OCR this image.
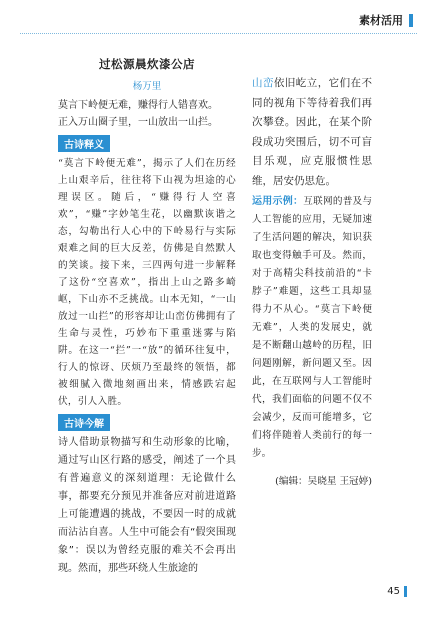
素材活用

过松源晨炊漆公店

杨万里

莫言下岭便无难，赚得行人错喜欢。

正入万山圈子里，一山放出一山拦。

古诗释义

“莫言下岭便无难”，揭示了人们在历经上山艰辛后，往往将下山视为坦途的心理误区。随后，“赚得行人空喜欢”，“赚”字妙笔生花，以幽默诙谐之态，勾勒出行人心中的下岭易行与实际艰难之间的巨大反差，仿佛是自然默人的笑谈。接下来，三四两句进一步解释了这份“空喜欢”，指出上山之路多崎岖，下山亦不乏挑战。山本无知，“一山放过一山拦”的形容却让山峦仿佛拥有了生命与灵性，巧妙布下重重迷雾与陷阱。在这一“拦”一“放”的循环往复中，行人的惊讶、厌烦乃至最终的领悟，都被细腻入微地刻画出来，情感跌宕起伏，引人入胜。

古诗今解

诗人借助景物描写和生动形象的比喻，通过写山区行路的感受，阐述了一个具有普遍意义的深刻道理：无论做什么事，都要充分预见并准备应对前进道路上可能遭遇的挑战，不要因一时的成就而沾沾自喜。人生中可能会有“假突围现象”：误以为曾经克服的难关不会再出现。然而，那些环绕人生旅途的

山峦依旧屹立，它们在不同的视角下等待着我们再次攀登。因此，在某个阶段成功突围后，切不可盲目乐观，应克服惯性思维，居安仍思危。

运用示例：互联网的普及与人工智能的应用，无疑加速了生活问题的解决，知识获取也变得触手可及。然而，对于高精尖科技前沿的“卡脖子”难题，这些工具却显得力不从心。“莫言下岭便无难”，人类的发展史，就是不断翻山越岭的历程，旧问题刚解，新问题又至。因此，在互联网与人工智能时代，我们面临的问题不仅不会减少，反而可能增多，它们将伴随着人类前行的每一步。

(编辑：吴晓星 王冠婷)

45
